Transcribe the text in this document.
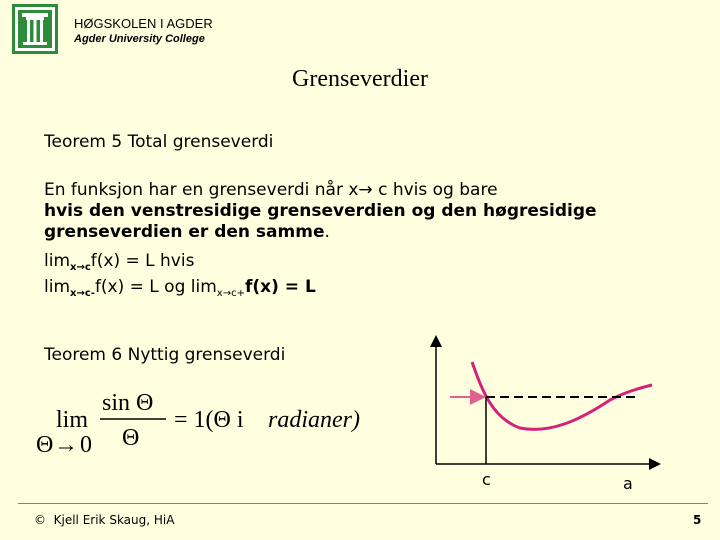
HØGSKOLEN I AGDER
Agder University College
Grenseverdier
Teorem 5 Total grenseverdi
En funksjon har en grenseverdi når x→ c hvis og bare
hvis den venstresidige grenseverdien og den høgresidige grenseverdien er den samme.
$\lim_{x\to c}f(x) = L$ hvis
$\lim_{x\to c-}f(x) = L$ og $\lim_{x\to c+}f(x) = L$
Teorem 6 Nyttig grenseverdi
lim
sin Θ
Θ
= 1(Θ i radianer)
Θ → 0
c	a
© Kjell Erik Skaug, HiA	5
